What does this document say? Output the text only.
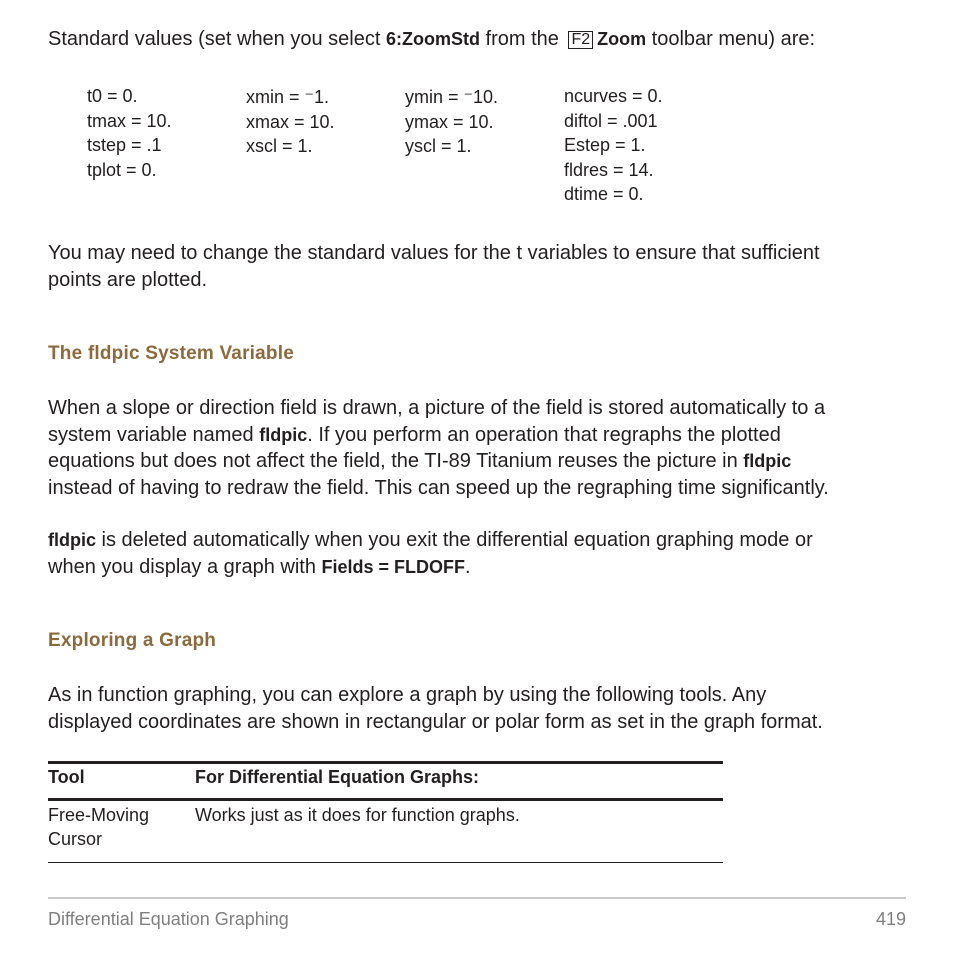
Standard values (set when you select 6:ZoomStd from the F2 Zoom toolbar menu) are:
t0 = 0.
tmax = 10.
tstep = .1
tplot = 0.
xmin = ⁻1.
xmax = 10.
xscl = 1.
ymin = ⁻10.
ymax = 10.
yscl = 1.
ncurves = 0.
diftol = .001
Estep = 1.
fldres = 14.
dtime = 0.
You may need to change the standard values for the t variables to ensure that sufficient
points are plotted.
The fldpic System Variable
When a slope or direction field is drawn, a picture of the field is stored automatically to a
system variable named fldpic. If you perform an operation that regraphs the plotted
equations but does not affect the field, the TI-89 Titanium reuses the picture in fldpic
instead of having to redraw the field. This can speed up the regraphing time significantly.
fldpic is deleted automatically when you exit the differential equation graphing mode or
when you display a graph with Fields = FLDOFF.
Exploring a Graph
As in function graphing, you can explore a graph by using the following tools. Any
displayed coordinates are shown in rectangular or polar form as set in the graph format.
Tool	For Differential Equation Graphs:
Free-Moving
Cursor
Works just as it does for function graphs.
Differential Equation Graphing	419
